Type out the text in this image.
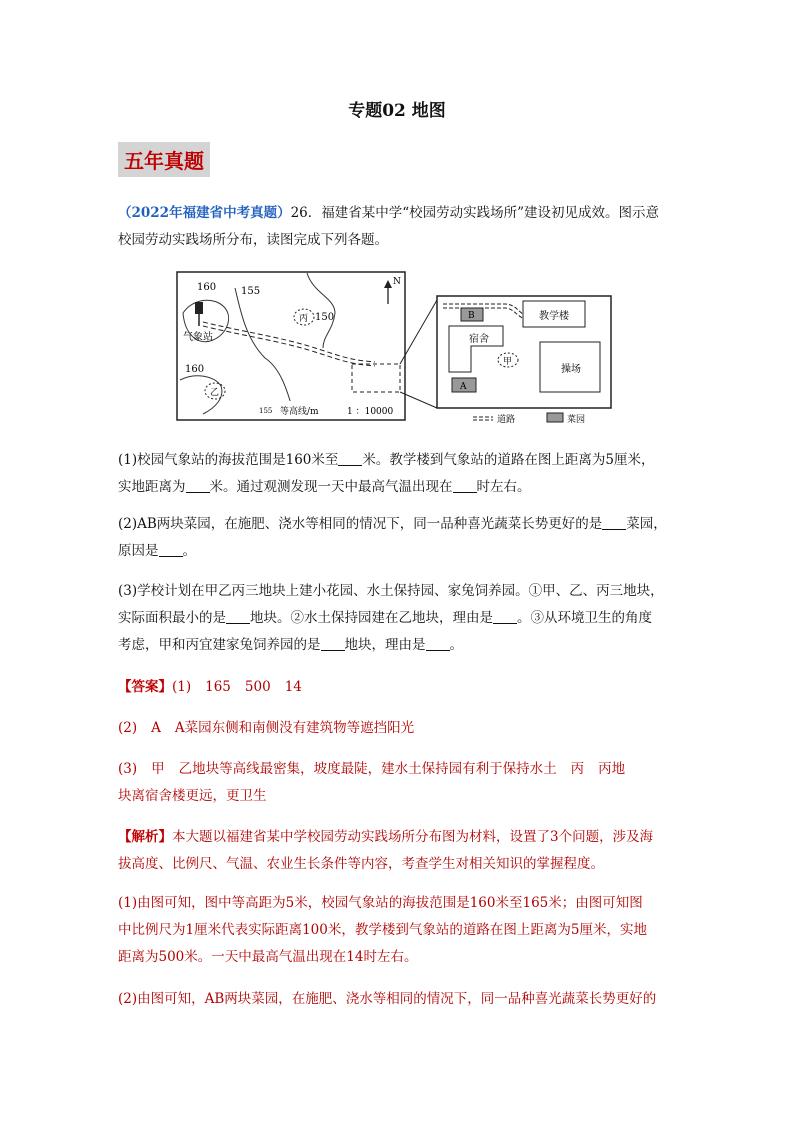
专题02 地图
五年真题

（2022年福建省中考真题）26．福建省某中学“校园劳动实践场所”建设初见成效。图示意
校园劳动实践场所分布，读图完成下列各题。

160 155
150
160
气象站
丙
乙
N
155 等高线/m	1 ：10000
教学楼
宿舍
操场
B
A
甲
道路	菜园

(1)校园气象站的海拔范围是160米至 米。教学楼到气象站的道路在图上距离为5厘米，
实地距离为 米。通过观测发现一天中最高气温出现在 时左右。

(2)AB两块菜园，在施肥、浇水等相同的情况下，同一品种喜光蔬菜长势更好的是 菜园，
原因是 。

(3)学校计划在甲乙丙三地块上建小花园、水土保持园、家兔饲养园。①甲、乙、丙三地块，
实际面积最小的是 地块。②水土保持园建在乙地块，理由是 。③从环境卫生的角度
考虑，甲和丙宜建家兔饲养园的是 地块，理由是 。

【答案】(1) 165 500 14

(2) A A菜园东侧和南侧没有建筑物等遮挡阳光

(3) 甲 乙地块等高线最密集，坡度最陡，建水土保持园有利于保持水土 丙 丙地
块离宿舍楼更远，更卫生

【解析】本大题以福建省某中学校园劳动实践场所分布图为材料，设置了3个问题，涉及海
拔高度、比例尺、气温、农业生长条件等内容，考查学生对相关知识的掌握程度。

(1)由图可知，图中等高距为5米，校园气象站的海拔范围是160米至165米；由图可知图
中比例尺为1厘米代表实际距离100米，教学楼到气象站的道路在图上距离为5厘米，实地
距离为500米。一天中最高气温出现在14时左右。

(2)由图可知，AB两块菜园，在施肥、浇水等相同的情况下，同一品种喜光蔬菜长势更好的
